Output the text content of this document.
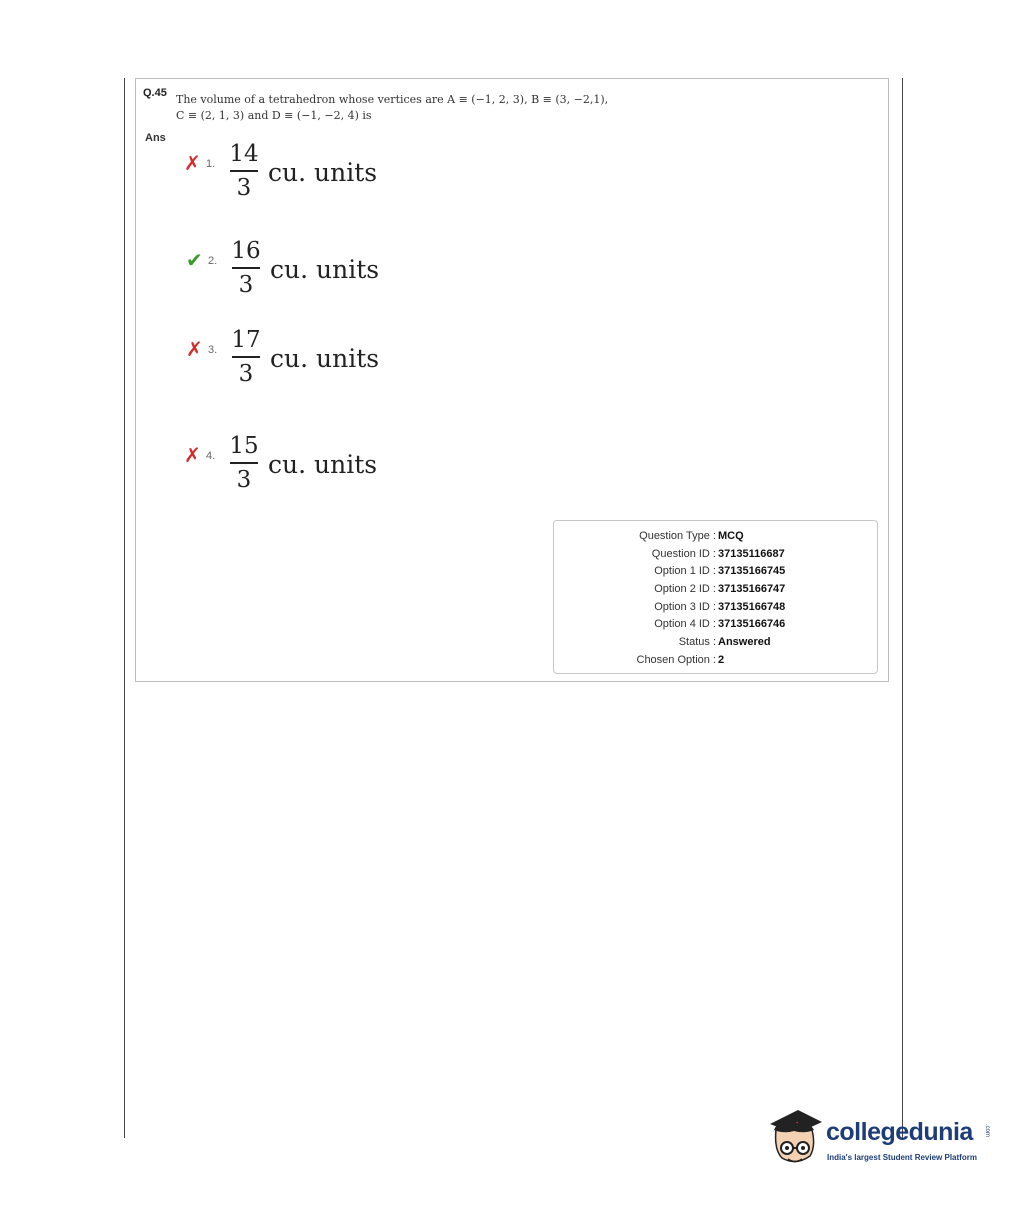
Q.45 The volume of a tetrahedron whose vertices are A ≡ (−1, 2, 3), B ≡ (3, −2,1),
C ≡ (2, 1, 3) and D ≡ (−1, −2, 4) is
Ans
✗ 1. 14
3
cu. units
✔ 2. 16
3
cu. units
✗ 3. 17
3
cu. units
✗ 4. 15
3
cu. units
Question Type : MCQ
Question ID : 37135116687
Option 1 ID : 37135166745
Option 2 ID : 37135166747
Option 3 ID : 37135166748
Option 4 ID : 37135166746
Status : Answered
Chosen Option : 2
collegedunia .com
India's largest Student Review Platform
